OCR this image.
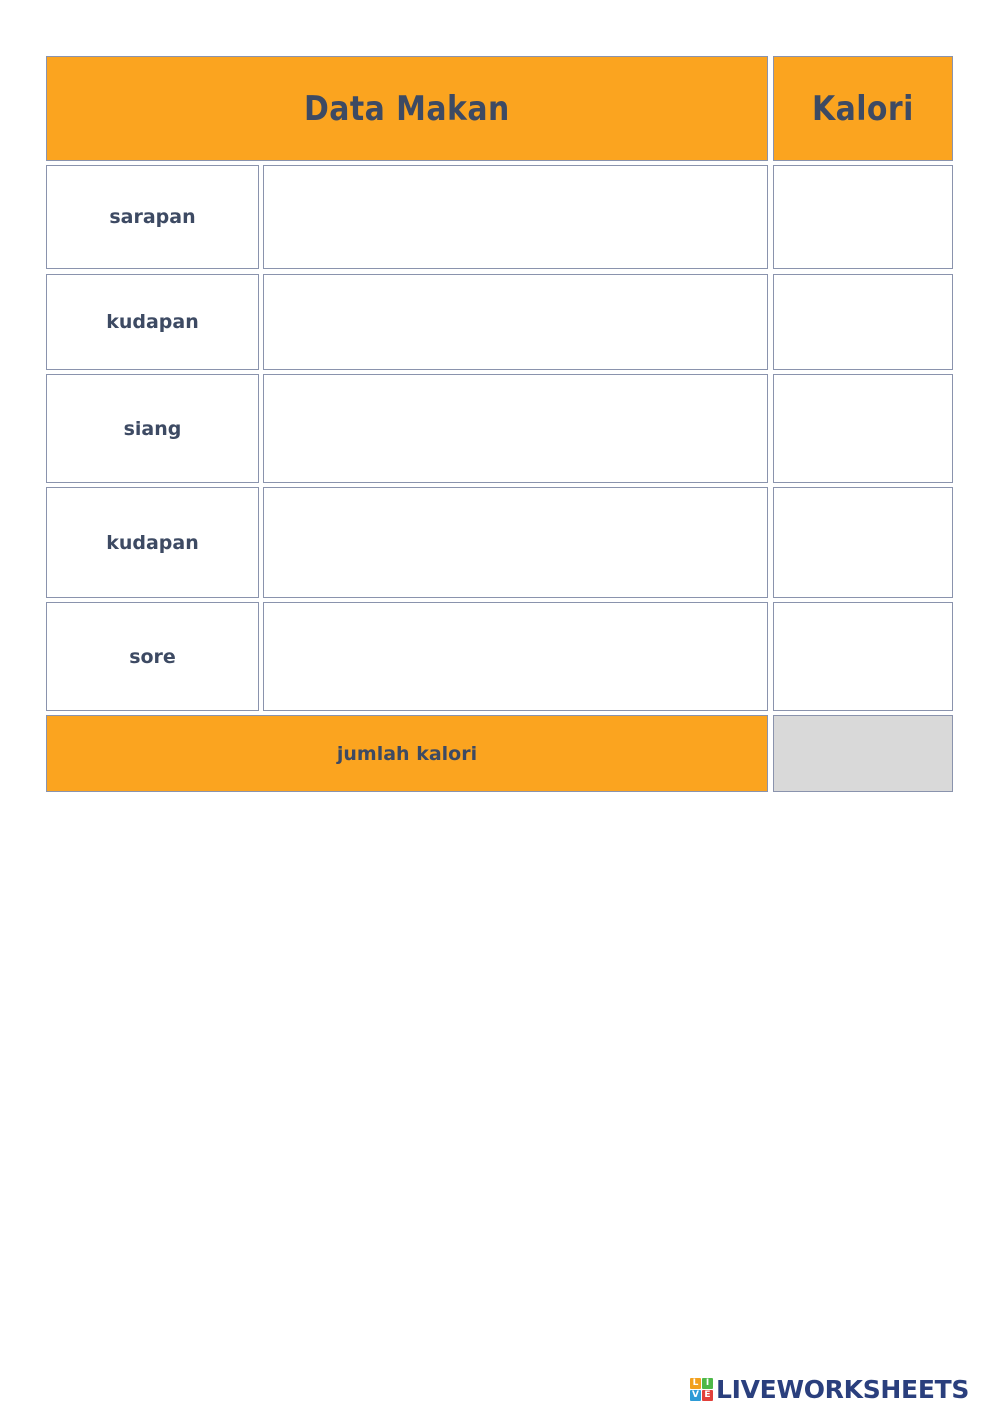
Data Makan	Kalori
sarapan
kudapan
siang
kudapan
sore
jumlah kalori
L I
V E LIVEWORKSHEETS
